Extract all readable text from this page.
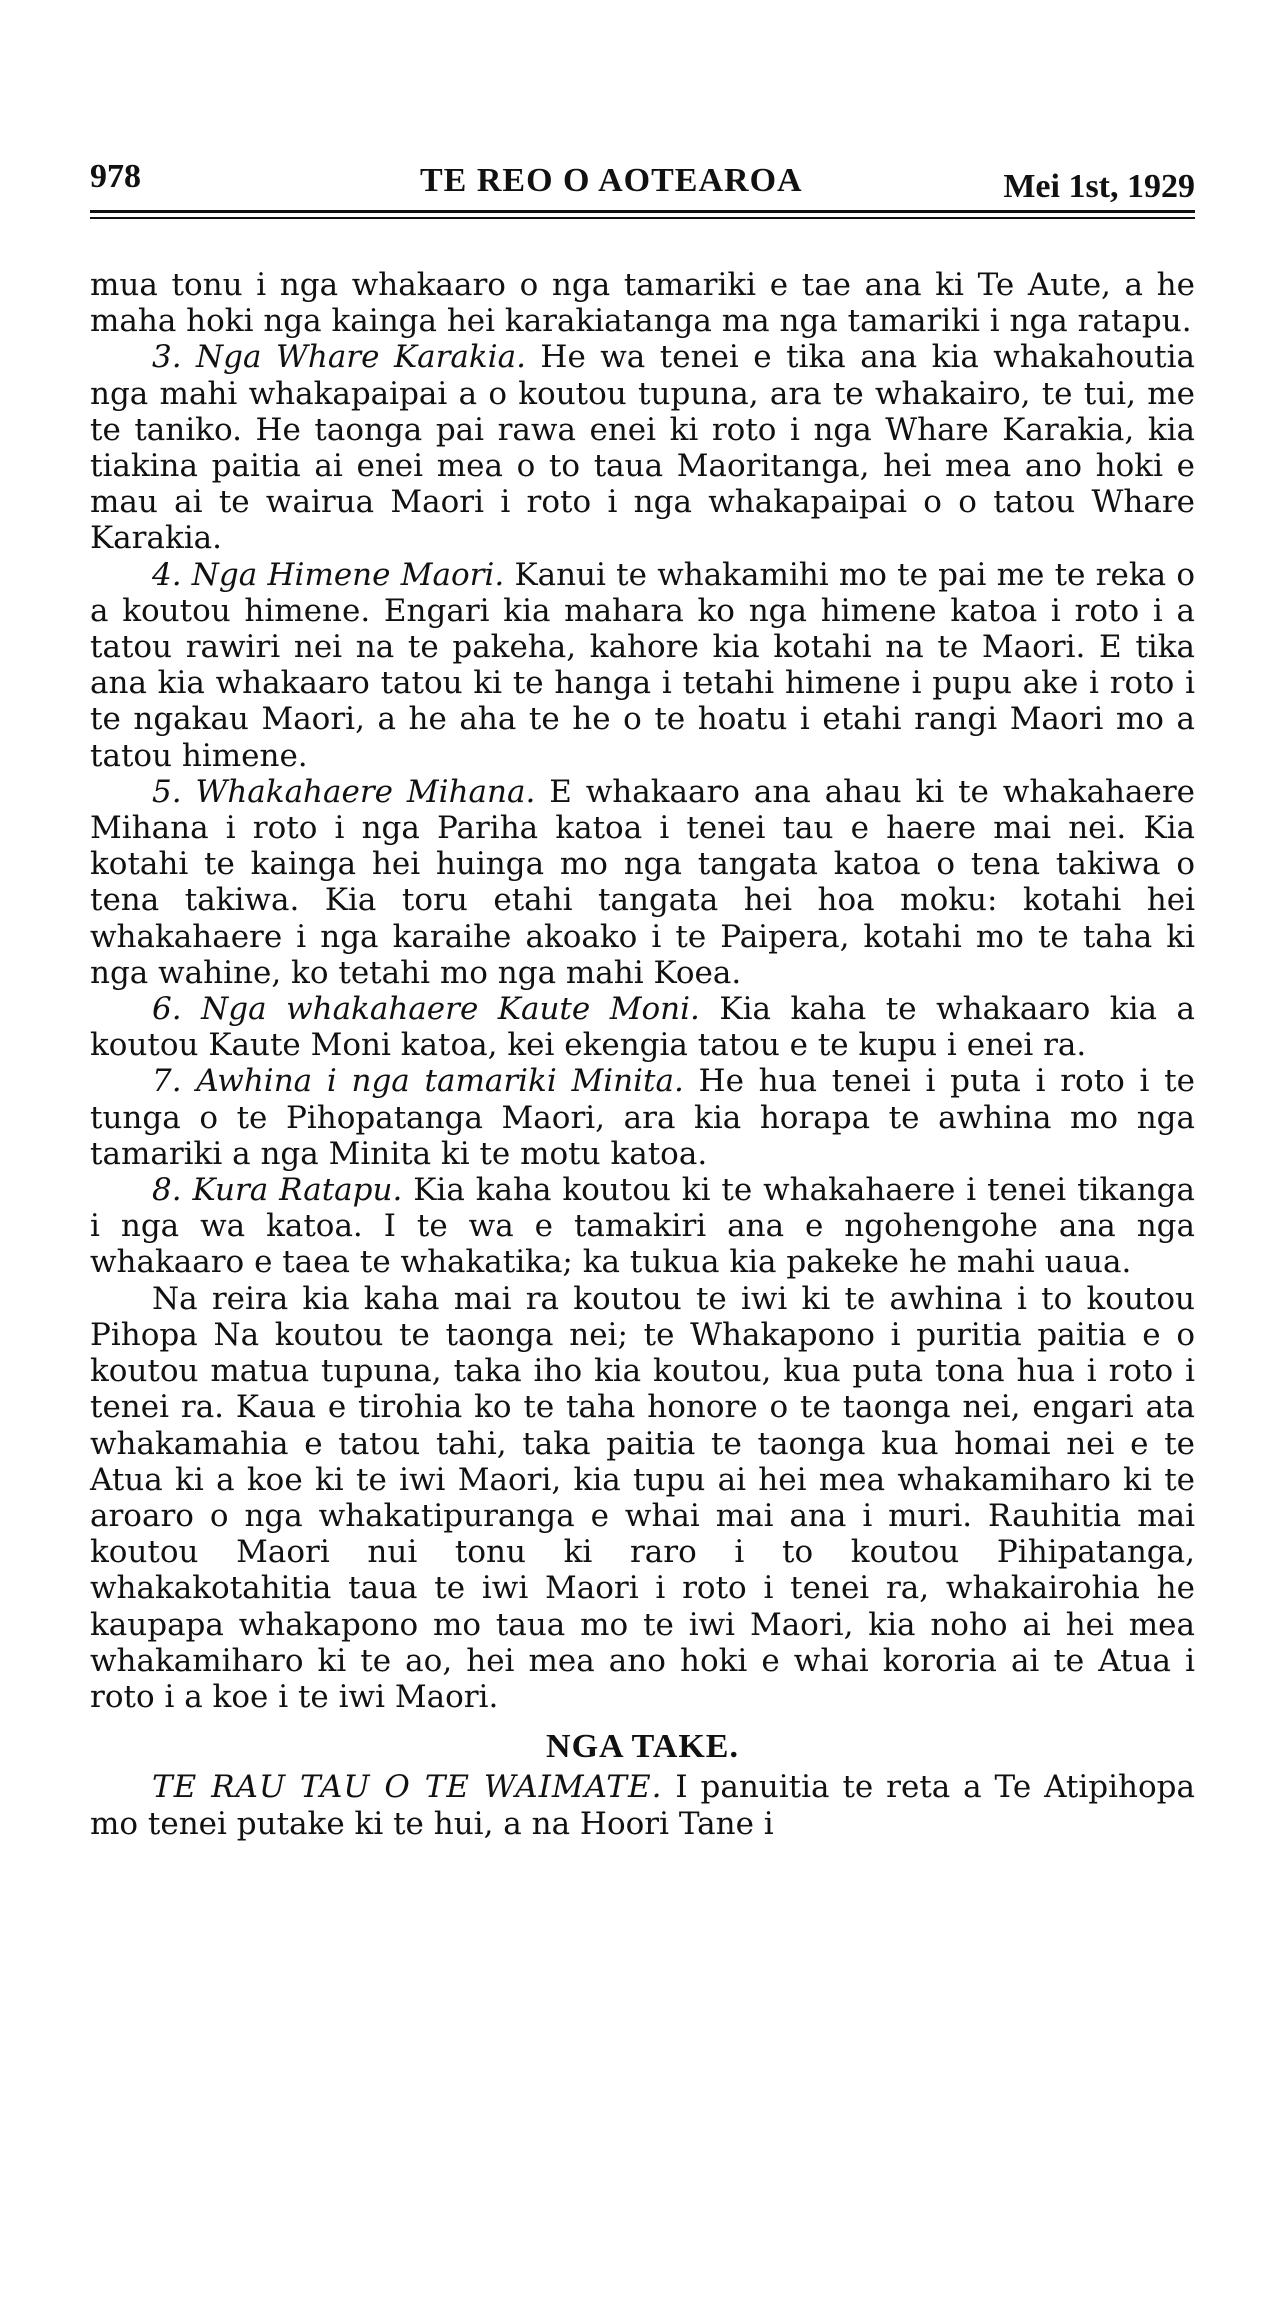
978	TE REO O AOTEAROA	Mei 1st, 1929

mua tonu i nga whakaaro o nga tamariki e tae ana ki Te Aute, a he maha hoki nga kainga hei karakiatanga ma nga tamariki i nga ratapu.

3. Nga Whare Karakia. He wa tenei e tika ana kia whakahoutia nga mahi whakapaipai a o koutou tupuna, ara te whakairo, te tui, me te taniko. He taonga pai rawa enei ki roto i nga Whare Karakia, kia tiakina paitia ai enei mea o to taua Maoritanga, hei mea ano hoki e mau ai te wairua Maori i roto i nga whakapaipai o o tatou Whare Karakia.

4. Nga Himene Maori. Kanui te whakamihi mo te pai me te reka o a koutou himene. Engari kia mahara ko nga himene katoa i roto i a tatou rawiri nei na te pakeha, kahore kia kotahi na te Maori. E tika ana kia whakaaro tatou ki te hanga i tetahi himene i pupu ake i roto i te ngakau Maori, a he aha te he o te hoatu i etahi rangi Maori mo a tatou himene.

5. Whakahaere Mihana. E whakaaro ana ahau ki te whakahaere Mihana i roto i nga Pariha katoa i tenei tau e haere mai nei. Kia kotahi te kainga hei huinga mo nga tangata katoa o tena takiwa o tena takiwa. Kia toru etahi tangata hei hoa moku: kotahi hei whakahaere i nga karaihe akoako i te Paipera, kotahi mo te taha ki nga wahine, ko tetahi mo nga mahi Koea.

6. Nga whakahaere Kaute Moni. Kia kaha te whakaaro kia a koutou Kaute Moni katoa, kei ekengia tatou e te kupu i enei ra.

7. Awhina i nga tamariki Minita. He hua tenei i puta i roto i te tunga o te Pihopatanga Maori, ara kia horapa te awhina mo nga tamariki a nga Minita ki te motu katoa.

8. Kura Ratapu. Kia kaha koutou ki te whakahaere i tenei tikanga i nga wa katoa. I te wa e tamakiri ana e ngohengohe ana nga whakaaro e taea te whakatika; ka tukua kia pakeke he mahi uaua.

Na reira kia kaha mai ra koutou te iwi ki te awhina i to koutou Pihopa Na koutou te taonga nei; te Whakapono i puritia paitia e o koutou matua tupuna, taka iho kia koutou, kua puta tona hua i roto i tenei ra. Kaua e tirohia ko te taha honore o te taonga nei, engari ata whakamahia e tatou tahi, taka paitia te taonga kua homai nei e te Atua ki a koe ki te iwi Maori, kia tupu ai hei mea whakamiharo ki te aroaro o nga whakatipuranga e whai mai ana i muri. Rauhitia mai koutou Maori nui tonu ki raro i to koutou Pihipatanga, whakakotahitia taua te iwi Maori i roto i tenei ra, whakairohia he kaupapa whakapono mo taua mo te iwi Maori, kia noho ai hei mea whakamiharo ki te ao, hei mea ano hoki e whai kororia ai te Atua i roto i a koe i te iwi Maori.

NGA TAKE.

TE RAU TAU O TE WAIMATE. I panuitia te reta a Te Atipihopa mo tenei putake ki te hui, a na Hoori Tane i
